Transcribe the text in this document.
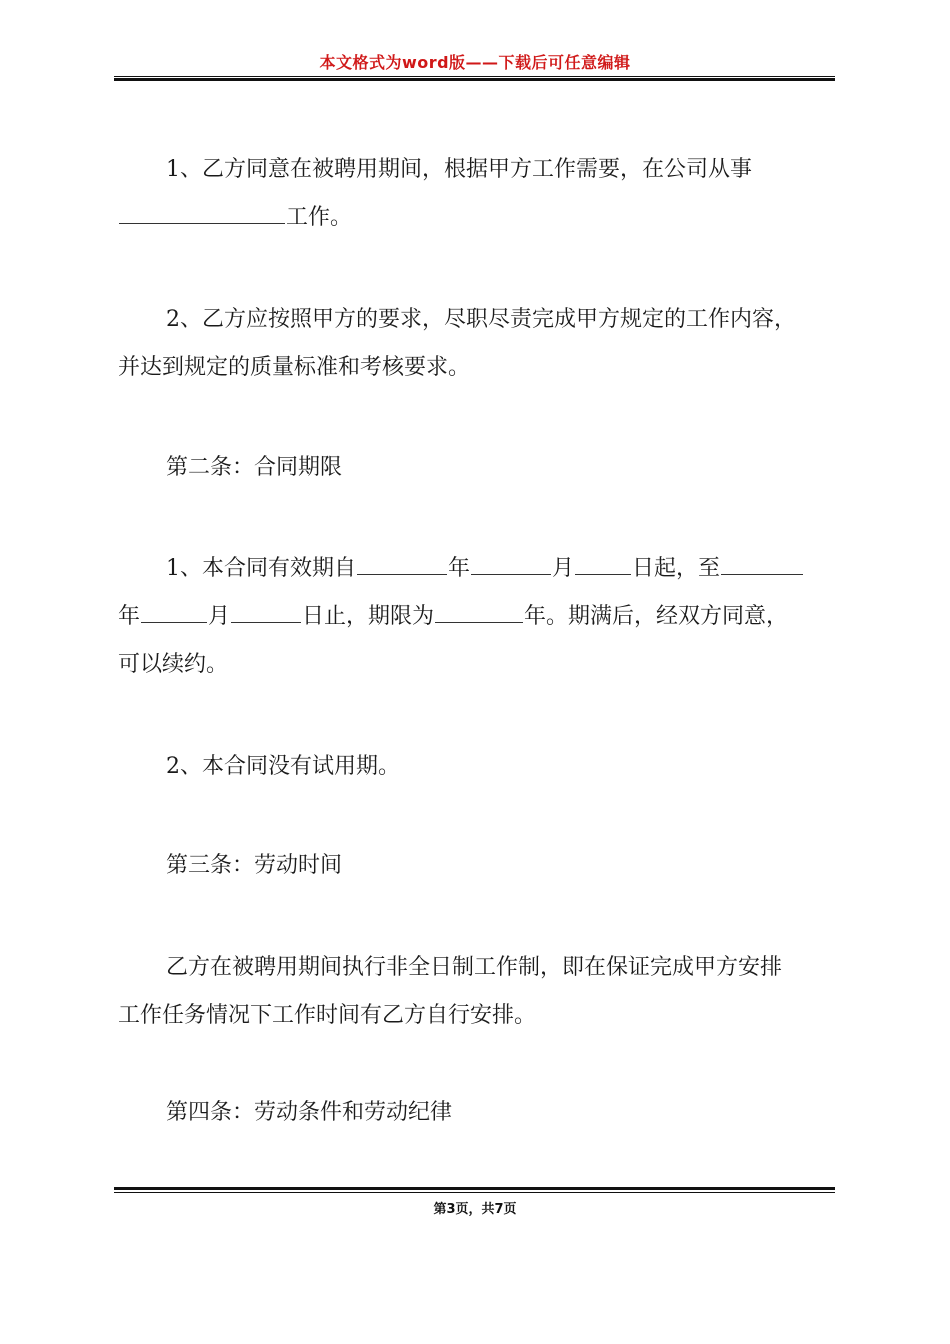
本文格式为word版——下载后可任意编辑
1、乙方同意在被聘用期间，根据甲方工作需要，在公司从事
工作。
2、乙方应按照甲方的要求，尽职尽责完成甲方规定的工作内容，
并达到规定的质量标准和考核要求。
第二条：合同期限
1、本合同有效期自	年	月	日起，至
年	月	日止，期限为	年。期满后，经双方同意，
可以续约。
2、本合同没有试用期。
第三条：劳动时间
乙方在被聘用期间执行非全日制工作制，即在保证完成甲方安排
工作任务情况下工作时间有乙方自行安排。
第四条：劳动条件和劳动纪律
第3页，共7页
